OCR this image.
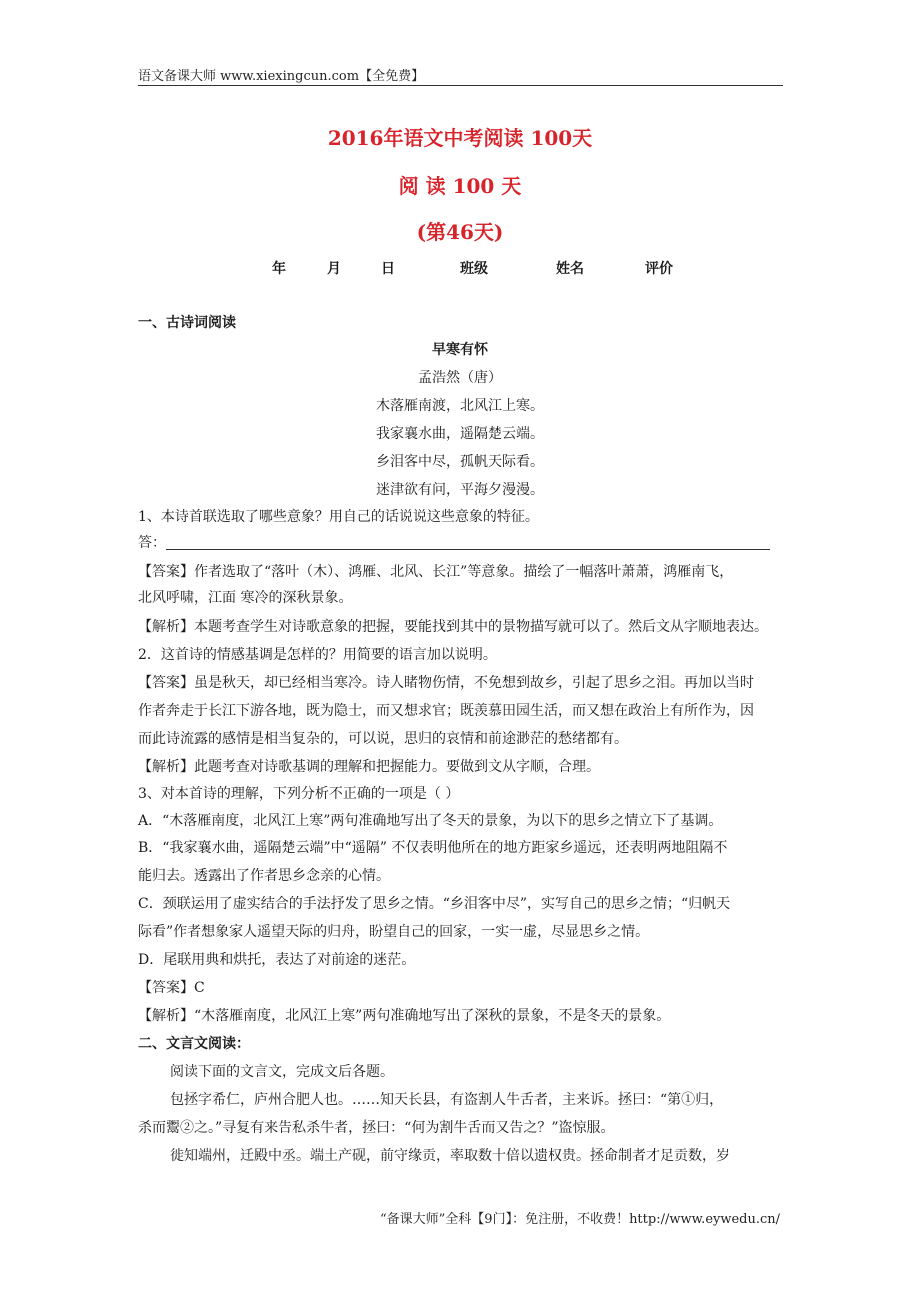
语文备课大师 www.xiexingcun.com【全免费】
2016年语文中考阅读 100天
阅 读 100 天
(第46天)
年	月	日	班级	姓名	评价
一、古诗词阅读
早寒有怀
孟浩然（唐）
木落雁南渡，北风江上寒。
我家襄水曲，遥隔楚云端。
乡泪客中尽，孤帆天际看。
迷津欲有问，平海夕漫漫。
1、本诗首联选取了哪些意象？用自己的话说说这些意象的特征。
答：
【答案】作者选取了“落叶（木）、鸿雁、北风、长江”等意象。描绘了一幅落叶萧萧，鸿雁南飞，
北风呼啸，江面 寒冷的深秋景象。
【解析】本题考查学生对诗歌意象的把握，要能找到其中的景物描写就可以了。然后文从字顺地表达。
2．这首诗的情感基调是怎样的？用简要的语言加以说明。
【答案】虽是秋天，却已经相当寒冷。诗人睹物伤情，不免想到故乡，引起了思乡之泪。再加以当时
作者奔走于长江下游各地，既为隐士，而又想求官；既羡慕田园生活，而又想在政治上有所作为，因
而此诗流露的感情是相当复杂的，可以说，思归的哀情和前途渺茫的愁绪都有。
【解析】此题考查对诗歌基调的理解和把握能力。要做到文从字顺，合理。
3、对本首诗的理解，下列分析不正确的一项是（ ）
A．“木落雁南度，北风江上寒”两句准确地写出了冬天的景象，为以下的思乡之情立下了基调。
B．“我家襄水曲，遥隔楚云端”中“遥隔” 不仅表明他所在的地方距家乡遥远，还表明两地阻隔不
能归去。透露出了作者思乡念亲的心情。
C．颈联运用了虚实结合的手法抒发了思乡之情。“乡泪客中尽”，实写自己的思乡之情；“归帆天
际看”作者想象家人遥望天际的归舟，盼望自己的回家，一实一虚，尽显思乡之情。
D．尾联用典和烘托，表达了对前途的迷茫。
【答案】C
【解析】“木落雁南度，北风江上寒”两句准确地写出了深秋的景象，不是冬天的景象。
二、文言文阅读：
阅读下面的文言文，完成文后各题。
包拯字希仁，庐州合肥人也。……知天长县，有盗割人牛舌者，主来诉。拯曰：“第①归，
杀而鬻②之。”寻复有来告私杀牛者，拯曰：“何为割牛舌而又告之？”盗惊服。
徙知端州，迁殿中丞。端土产砚，前守缘贡，率取数十倍以遗权贵。拯命制者才足贡数，岁
“备课大师”全科【9门】：免注册，不收费！http://www.eywedu.cn/
